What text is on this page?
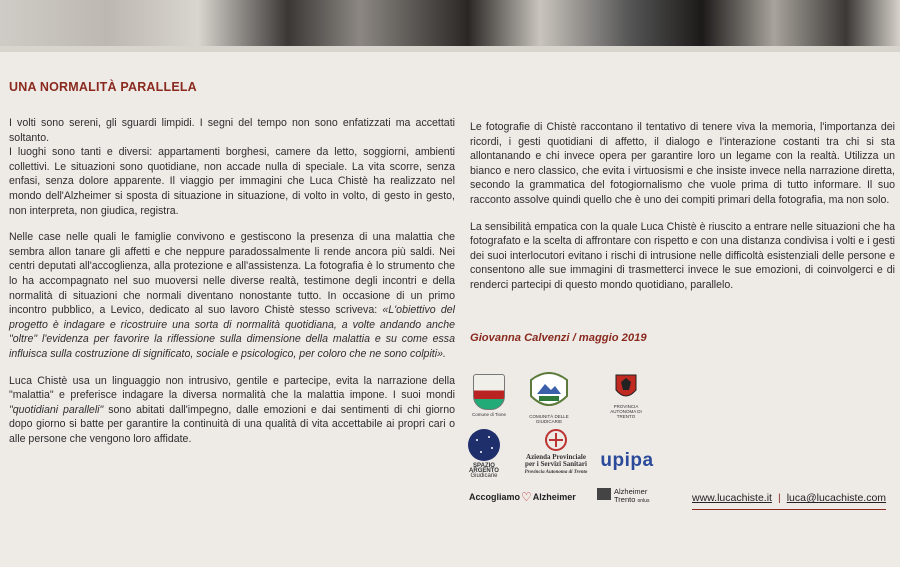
UNA NORMALITÀ PARALLELA

I volti sono sereni, gli sguardi limpidi. I segni del tempo non sono enfatizzati ma accettati soltanto.
I luoghi sono tanti e diversi: appartamenti borghesi, camere da letto, soggiorni, ambienti collettivi. Le situazioni sono quotidiane, non accade nulla di speciale. La vita scorre, senza enfasi, senza dolore apparente. Il viaggio per immagini che Luca Chistè ha realizzato nel mondo dell'Alzheimer si sposta di situazione in situazione, di volto in volto, di gesto in gesto, non interpreta, non giudica, registra.

Nelle case nelle quali le famiglie convivono e gestiscono la presenza di una malattia che sembra allon tanare gli affetti e che neppure paradossalmente li rende ancora più saldi. Nei centri deputati all'accoglienza, alla protezione e all'assistenza. La fotografia è lo strumento che lo ha accompagnato nel suo muoversi nelle diverse realtà, testimone degli incontri e della normalità di situazioni che normali diventano nonostante tutto. In occasione di un primo incontro pubblico, a Levico, dedicato al suo lavoro Chistè stesso scriveva: «L'obiettivo del progetto è indagare e ricostruire una sorta di normalità quotidiana, a volte andando anche "oltre" l'evidenza per favorire la riflessione sulla dimensione della malattia e su come essa influisca sulla costruzione di significato, sociale e psicologico, per coloro che ne sono colpiti».

Luca Chistè usa un linguaggio non intrusivo, gentile e partecipe, evita la narrazione della "malattia" e preferisce indagare la diversa normalità che la malattia impone. I suoi mondi "quotidiani paralleli" sono abitati dall'impegno, dalle emozioni e dai sentimenti di chi giorno dopo giorno si batte per garantire la continuità di una qualità di vita accettabile ai propri cari o alle persone che vengono loro affidate.

Le fotografie di Chistè raccontano il tentativo di tenere viva la memoria, l'importanza dei ricordi, i gesti quotidiani di affetto, il dialogo e l'interazione costanti tra chi si sta allontanando e chi invece opera per garantire loro un legame con la realtà. Utilizza un bianco e nero classico, che evita i virtuosismi e che insiste invece nella narrazione diretta, secondo la grammatica del fotogiornalismo che vuole prima di tutto informare. Il suo racconto assolve quindi quello che è uno dei compiti primari della fotografia, ma non solo.

La sensibilità empatica con la quale Luca Chistè è riuscito a entrare nelle situazioni che ha fotografato e la scelta di affrontare con rispetto e con una distanza condivisa i volti e i gesti dei suoi interlocutori evitano i rischi di intrusione nelle difficoltà esistenziali delle persone e consentono alle sue immagini di trasmetterci invece le sue emozioni, di coinvolgerci e di renderci partecipi di questo mondo quotidiano, parallelo.

Giovanna Calvenzi / maggio 2019
Comune di Tione	COMUNITÀ DELLE GIUDICARIE
PROVINCIA AUTONOMA DI TRENTO
SPAZIO
ARGENTO
Giudicarie
Azienda Provinciale
per i Servizi Sanitari
Provincia Autonoma di Trento
upipa
Accogliamo ♡ Alzheimer
Alzheimer
Trento onlus	www.lucachiste.it | luca@lucachiste.com
